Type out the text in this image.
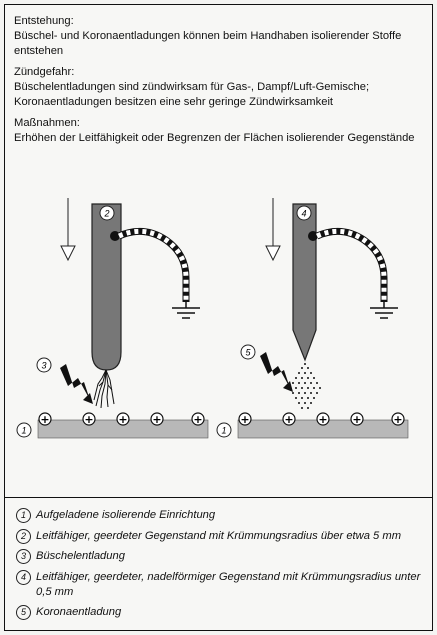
Entstehung:
Büschel- und Koronaentladungen können beim Handhaben isolierender Stoffe entstehen
Zündgefahr:
Büschelentladungen sind zündwirksam für Gas-, Dampf/Luft-Gemische; Koronaentladungen besitzen eine sehr geringe Zündwirksamkeit
Maßnahmen:
Erhöhen der Leitfähigkeit oder Begrenzen der Flächen isolierender Gegenstände
2
3
+	+ + +	+
1
4
5
+	+ + +	+
1
1 Aufgeladene isolierende Einrichtung
2 Leitfähiger, geerdeter Gegenstand mit Krümmungsradius über etwa 5 mm
3 Büschelentladung
4 Leitfähiger, geerdeter, nadelförmiger Gegenstand mit Krümmungsradius unter 0,5 mm
5 Koronaentladung
